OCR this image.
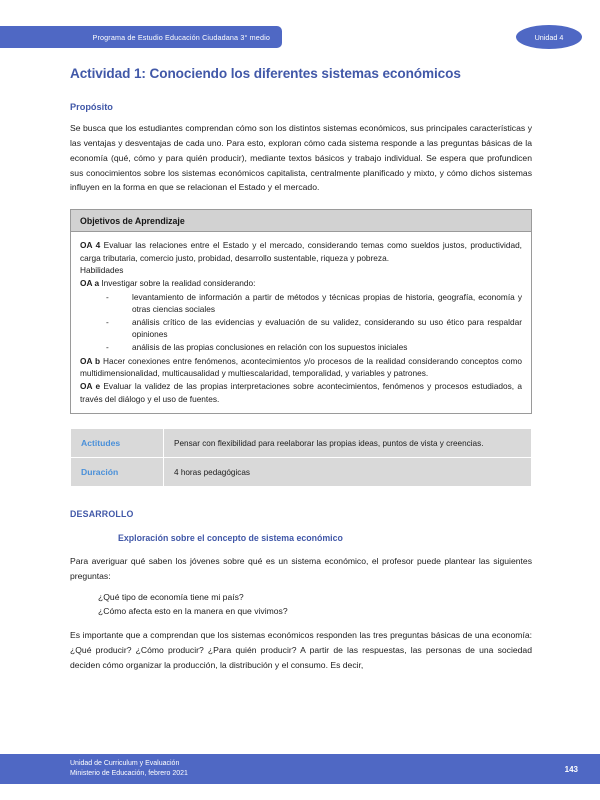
Programa de Estudio Educación Ciudadana 3° medio	Unidad 4
Actividad 1: Conociendo los diferentes sistemas económicos
Propósito

Se busca que los estudiantes comprendan cómo son los distintos sistemas económicos, sus principales características y las ventajas y desventajas de cada uno. Para esto, exploran cómo cada sistema responde a las preguntas básicas de la economía (qué, cómo y para quién producir), mediante textos básicos y trabajo individual. Se espera que profundicen sus conocimientos sobre los sistemas económicos capitalista, centralmente planificado y mixto, y cómo dichos sistemas influyen en la forma en que se relacionan el Estado y el mercado.

Objetivos de Aprendizaje

OA 4 Evaluar las relaciones entre el Estado y el mercado, considerando temas como sueldos justos, productividad, carga tributaria, comercio justo, probidad, desarrollo sustentable, riqueza y pobreza.

Habilidades

OA a Investigar sobre la realidad considerando:

-	levantamiento de información a partir de métodos y técnicas propias de historia, geografía, economía y otras ciencias sociales
-	análisis crítico de las evidencias y evaluación de su validez, considerando su uso ético para respaldar opiniones
-	análisis de las propias conclusiones en relación con los supuestos iniciales

OA b Hacer conexiones entre fenómenos, acontecimientos y/o procesos de la realidad considerando conceptos como multidimensionalidad, multicausalidad y multiescalaridad, temporalidad, y variables y patrones.

OA e Evaluar la validez de las propias interpretaciones sobre acontecimientos, fenómenos y procesos estudiados, a través del diálogo y el uso de fuentes.

Actitudes	Pensar con flexibilidad para reelaborar las propias ideas, puntos de vista y creencias.
Duración	4 horas pedagógicas
DESARROLLO
Exploración sobre el concepto de sistema económico

Para averiguar qué saben los jóvenes sobre qué es un sistema económico, el profesor puede plantear las siguientes preguntas:

¿Qué tipo de economía tiene mi país?

¿Cómo afecta esto en la manera en que vivimos?

Es importante que a comprendan que los sistemas económicos responden las tres preguntas básicas de una economía: ¿Qué producir? ¿Cómo producir? ¿Para quién producir? A partir de las respuestas, las personas de una sociedad deciden cómo organizar la producción, la distribución y el consumo. Es decir,

Unidad de Curriculum y Evaluación
Ministerio de Educación, febrero 2021	143
